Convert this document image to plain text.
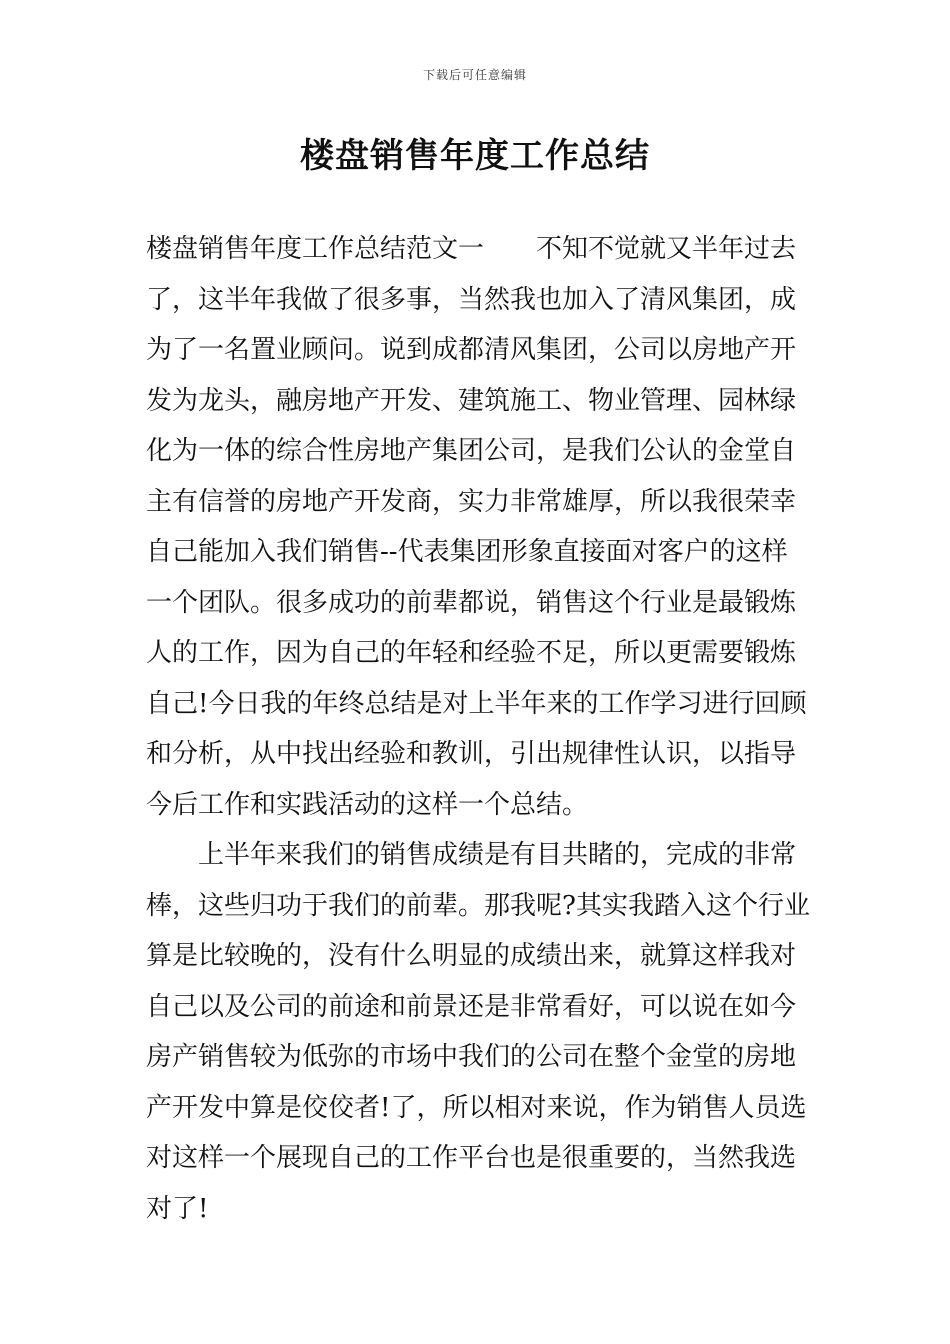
下载后可任意编辑
楼盘销售年度工作总结
楼盘销售年度工作总结范文一　　不知不觉就又半年过去
了，这半年我做了很多事，当然我也加入了清风集团，成
为了一名置业顾问。说到成都清风集团，公司以房地产开
发为龙头，融房地产开发、建筑施工、物业管理、园林绿
化为一体的综合性房地产集团公司，是我们公认的金堂自
主有信誉的房地产开发商，实力非常雄厚，所以我很荣幸
自己能加入我们销售--代表集团形象直接面对客户的这样
一个团队。很多成功的前辈都说，销售这个行业是最锻炼
人的工作，因为自己的年轻和经验不足，所以更需要锻炼
自己!今日我的年终总结是对上半年来的工作学习进行回顾
和分析，从中找出经验和教训，引出规律性认识，以指导
今后工作和实践活动的这样一个总结。
　　上半年来我们的销售成绩是有目共睹的，完成的非常
棒，这些归功于我们的前辈。那我呢?其实我踏入这个行业
算是比较晚的，没有什么明显的成绩出来，就算这样我对
自己以及公司的前途和前景还是非常看好，可以说在如今
房产销售较为低弥的市场中我们的公司在整个金堂的房地
产开发中算是佼佼者!了，所以相对来说，作为销售人员选
对这样一个展现自己的工作平台也是很重要的，当然我选
对了!
